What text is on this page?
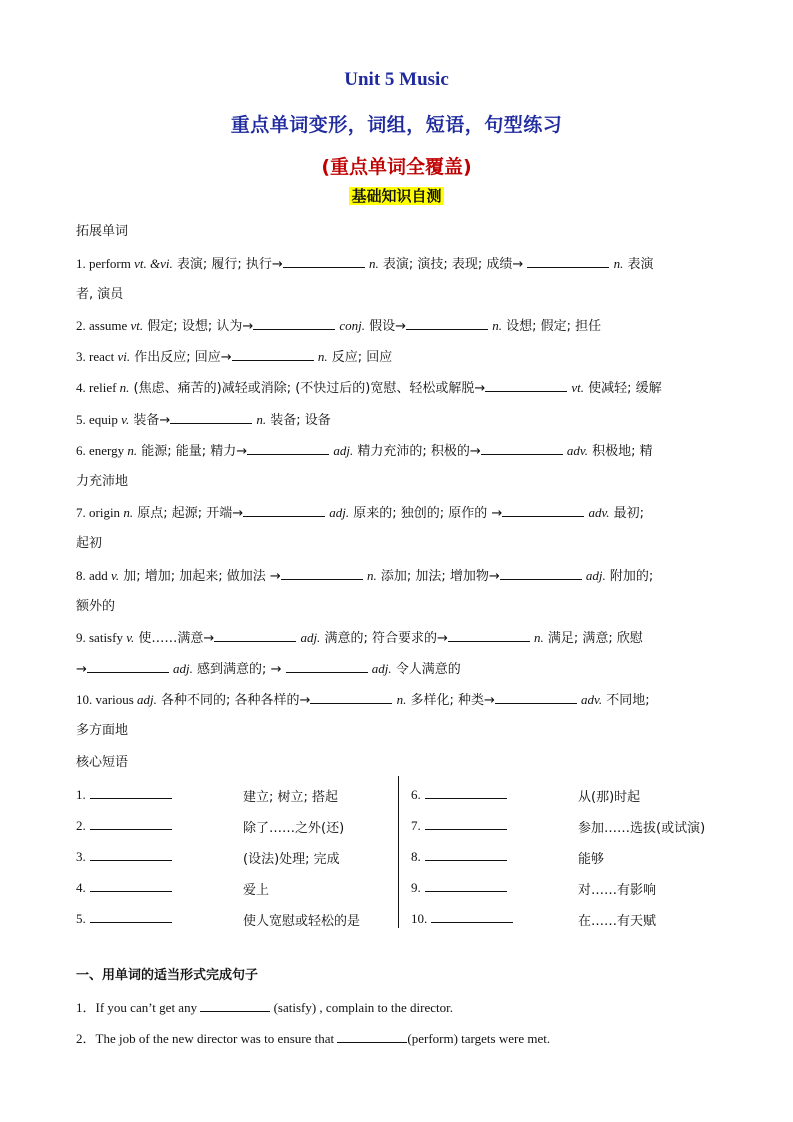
Unit 5 Music
重点单词变形，词组，短语，句型练习
(重点单词全覆盖)
基础知识自测
拓展单词
1. perform vt. &vi. 表演; 履行; 执行→	n. 表演; 演技; 表现; 成绩→	n. 表演
者, 演员
2. assume vt. 假定; 设想; 认为→	conj. 假设→	n. 设想; 假定; 担任
3. react vi. 作出反应; 回应→	n. 反应; 回应
4. relief n. (焦虑、痛苦的)减轻或消除; (不快过后的)宽慰、轻松或解脱→	vt. 使减轻; 缓解
5. equip v. 装备→	n. 装备; 设备
6. energy n. 能源; 能量; 精力→	adj. 精力充沛的; 积极的→	adv. 积极地; 精
力充沛地
7. origin n. 原点; 起源; 开端→	adj. 原来的; 独创的; 原作的 →	adv. 最初;
起初
8. add v. 加; 增加; 加起来; 做加法 →	n. 添加; 加法; 增加物→	adj. 附加的;
额外的
9. satisfy v. 使……满意→	adj. 满意的; 符合要求的→	n. 满足; 满意; 欣慰
→	adj. 感到满意的; →	adj. 令人满意的
10. various adj. 各种不同的; 各种各样的→	n. 多样化; 种类→	adv. 不同地;
多方面地
核心短语
1.	建立; 树立; 搭起
2.	除了……之外(还)
3.	(设法)处理; 完成
4.	爱上
5.	使人宽慰或轻松的是
6.	从(那)时起
7.	参加……选拔(或试演)
8.	能够
9.	对……有影响
10.	在……有天赋
一、用单词的适当形式完成句子
1．If you can’t get any	(satisfy) , complain to the director.
2．The job of the new director was to ensure that	(perform) targets were met.
